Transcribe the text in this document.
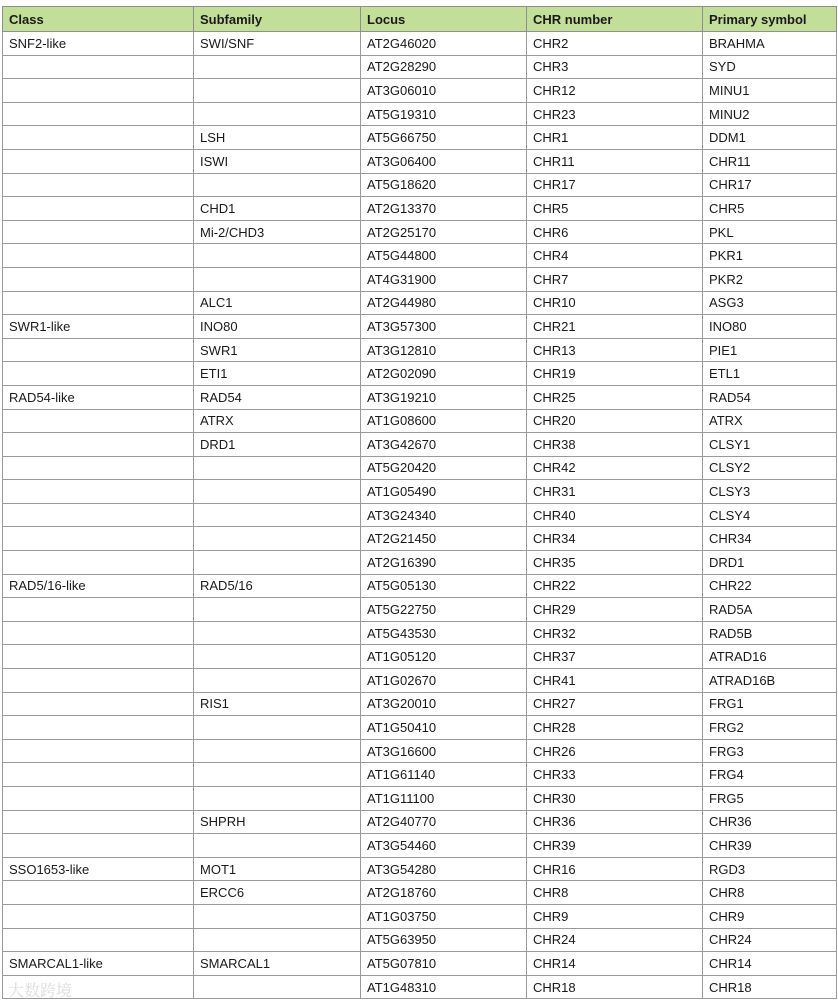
Class	Subfamily	Locus	CHR number	Primary symbol
SNF2-like	SWI/SNF	AT2G46020	CHR2	BRAHMA
		AT2G28290	CHR3	SYD
		AT3G06010	CHR12	MINU1
		AT5G19310	CHR23	MINU2
	LSH	AT5G66750	CHR1	DDM1
	ISWI	AT3G06400	CHR11	CHR11
		AT5G18620	CHR17	CHR17
	CHD1	AT2G13370	CHR5	CHR5
	Mi-2/CHD3	AT2G25170	CHR6	PKL
		AT5G44800	CHR4	PKR1
		AT4G31900	CHR7	PKR2
	ALC1	AT2G44980	CHR10	ASG3
SWR1-like	INO80	AT3G57300	CHR21	INO80
	SWR1	AT3G12810	CHR13	PIE1
	ETI1	AT2G02090	CHR19	ETL1
RAD54-like	RAD54	AT3G19210	CHR25	RAD54
	ATRX	AT1G08600	CHR20	ATRX
	DRD1	AT3G42670	CHR38	CLSY1
		AT5G20420	CHR42	CLSY2
		AT1G05490	CHR31	CLSY3
		AT3G24340	CHR40	CLSY4
		AT2G21450	CHR34	CHR34
		AT2G16390	CHR35	DRD1
RAD5/16-like	RAD5/16	AT5G05130	CHR22	CHR22
		AT5G22750	CHR29	RAD5A
		AT5G43530	CHR32	RAD5B
		AT1G05120	CHR37	ATRAD16
		AT1G02670	CHR41	ATRAD16B
	RIS1	AT3G20010	CHR27	FRG1
		AT1G50410	CHR28	FRG2
		AT3G16600	CHR26	FRG3
		AT1G61140	CHR33	FRG4
		AT1G11100	CHR30	FRG5
	SHPRH	AT2G40770	CHR36	CHR36
		AT3G54460	CHR39	CHR39
SSO1653-like	MOT1	AT3G54280	CHR16	RGD3
	ERCC6	AT2G18760	CHR8	CHR8
		AT1G03750	CHR9	CHR9
		AT5G63950	CHR24	CHR24
SMARCAL1-like	SMARCAL1	AT5G07810	CHR14	CHR14
		AT1G48310	CHR18	CHR18
大数跨境
